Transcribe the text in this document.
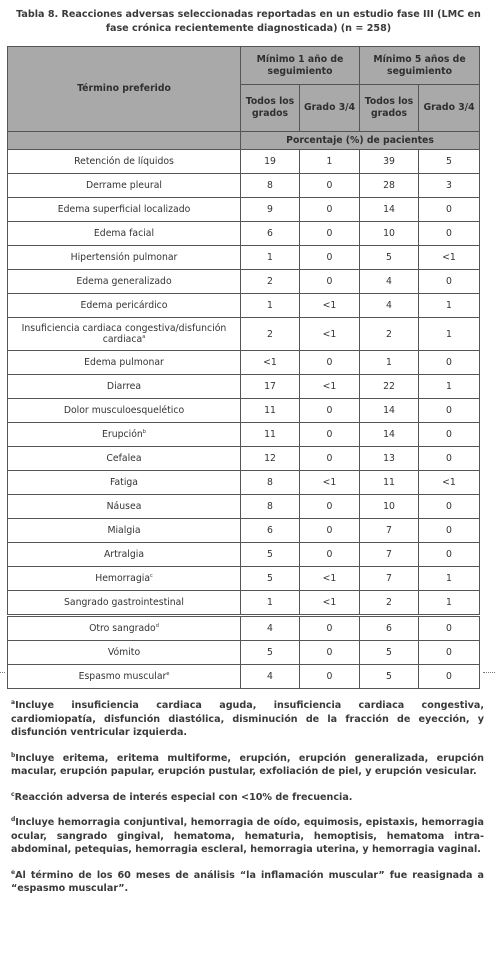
Tabla 8. Reacciones adversas seleccionadas reportadas en un estudio fase III (LMC en fase crónica recientemente diagnosticada) (n = 258)
Término preferido	Mínimo 1 año de seguimiento		Mínimo 5 años de seguimiento	
	Todos los grados	Grado 3/4	Todos los grados	Grado 3/4
	Porcentaje (%) de pacientes			
Retención de líquidos	19	1	39	5
Derrame pleural	8	0	28	3
Edema superficial localizado	9	0	14	0
Edema facial	6	0	10	0
Hipertensión pulmonar	1	0	5	<1
Edema generalizado	2	0	4	0
Edema pericárdico	1	<1	4	1
Insuficiencia cardiaca congestiva/disfunción cardiaca$^a$	2	<1	2	1
Edema pulmonar	<1	0	1	0
Diarrea	17	<1	22	1
Dolor musculoesquelético	11	0	14	0
Erupción$^b$	11	0	14	0
Cefalea	12	0	13	0
Fatiga	8	<1	11	<1
Náusea	8	0	10	0
Mialgia	6	0	7	0
Artralgia	5	0	7	0
Hemorragia$^c$	5	<1	7	1
Sangrado gastrointestinal	1	<1	2	1
Otro sangrado$^d$	4	0	6	0
Vómito	5	0	5	0
Espasmo muscular$^e$	4	0	5	0
$^a$Incluye insuficiencia cardiaca aguda, insuficiencia cardiaca congestiva, cardiomiopatía, disfunción diastólica, disminución de la fracción de eyección, y disfunción ventricular izquierda.
$^b$Incluye eritema, eritema multiforme, erupción, erupción generalizada, erupción macular, erupción papular, erupción pustular, exfoliación de piel, y erupción vesicular.
$^c$Reacción adversa de interés especial con <10% de frecuencia.
$^d$Incluye hemorragia conjuntival, hemorragia de oído, equimosis, epistaxis, hemorragia ocular, sangrado gingival, hematoma, hematuria, hemoptisis, hematoma intra-abdominal, petequias, hemorragia escleral, hemorragia uterina, y hemorragia vaginal.
$^e$Al término de los 60 meses de análisis “la inflamación muscular” fue reasignada a “espasmo muscular”.
